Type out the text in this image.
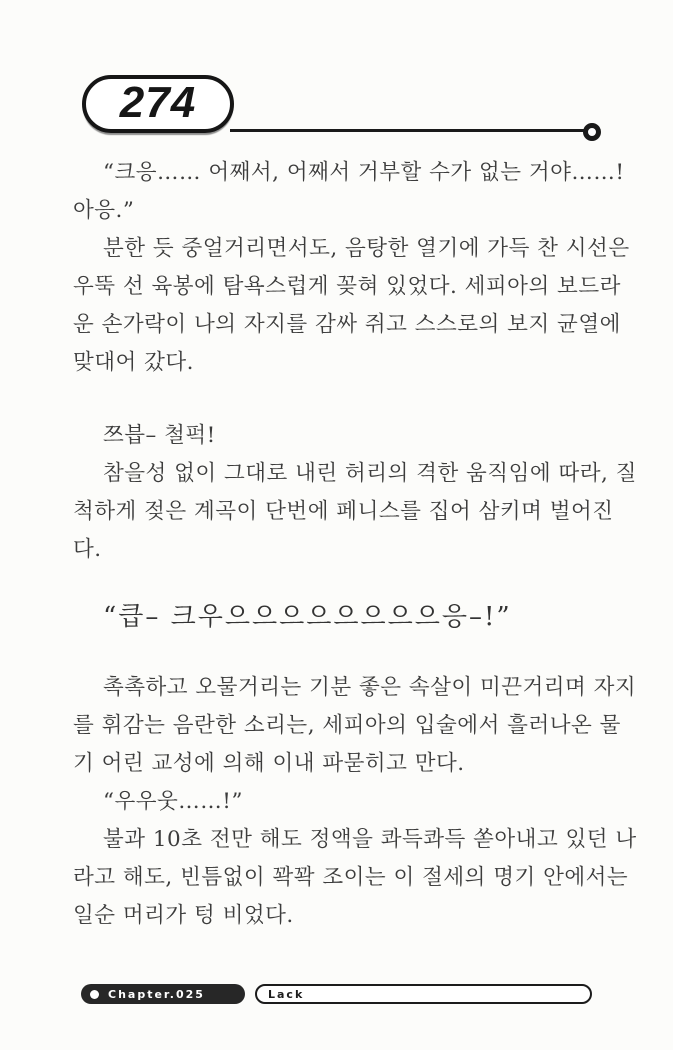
274
“크응…… 어째서, 어째서 거부할 수가 없는 거야……!
아응.”
분한 듯 중얼거리면서도, 음탕한 열기에 가득 찬 시선은
우뚝 선 육봉에 탐욕스럽게 꽂혀 있었다. 세피아의 보드라
운 손가락이 나의 자지를 감싸 쥐고 스스로의 보지 균열에
맞대어 갔다.
쯔븝– 철퍽!
참을성 없이 그대로 내린 허리의 격한 움직임에 따라, 질
척하게 젖은 계곡이 단번에 페니스를 집어 삼키며 벌어진
다.
“큽– 크우으으으으으으으으응–!”
촉촉하고 오물거리는 기분 좋은 속살이 미끈거리며 자지
를 휘감는 음란한 소리는, 세피아의 입술에서 흘러나온 물
기 어린 교성에 의해 이내 파묻히고 만다.
“우우웃……!”
불과 10초 전만 해도 정액을 콰득콰득 쏟아내고 있던 나
라고 해도, 빈틈없이 꽉꽉 조이는 이 절세의 명기 안에서는
일순 머리가 텅 비었다.
Chapter.025	Lack
